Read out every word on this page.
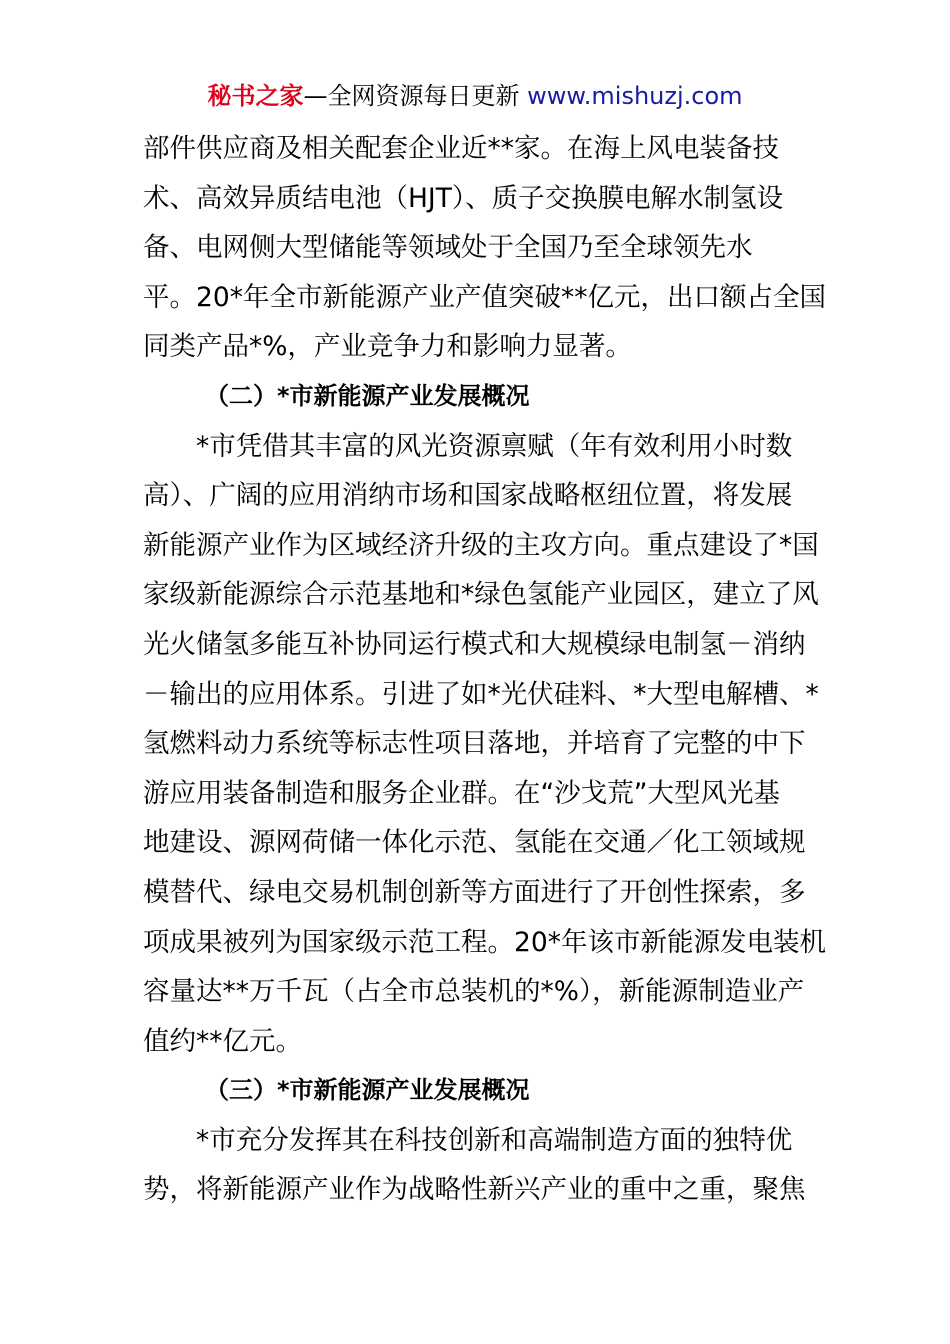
秘书之家—全网资源每日更新 www.mishuzj.com
部件供应商及相关配套企业近**家。在海上风电装备技
术、高效异质结电池（HJT）、质子交换膜电解水制氢设
备、电网侧大型储能等领域处于全国乃至全球领先水
平。20*年全市新能源产业产值突破**亿元，出口额占全国
同类产品*%，产业竞争力和影响力显著。
（二）*市新能源产业发展概况
*市凭借其丰富的风光资源禀赋（年有效利用小时数
高）、广阔的应用消纳市场和国家战略枢纽位置，将发展
新能源产业作为区域经济升级的主攻方向。重点建设了*国
家级新能源综合示范基地和*绿色氢能产业园区，建立了风
光火储氢多能互补协同运行模式和大规模绿电制氢－消纳
－输出的应用体系。引进了如*光伏硅料、*大型电解槽、*
氢燃料动力系统等标志性项目落地，并培育了完整的中下
游应用装备制造和服务企业群。在“沙戈荒”大型风光基
地建设、源网荷储一体化示范、氢能在交通／化工领域规
模替代、绿电交易机制创新等方面进行了开创性探索，多
项成果被列为国家级示范工程。20*年该市新能源发电装机
容量达**万千瓦（占全市总装机的*%），新能源制造业产
值约**亿元。
（三）*市新能源产业发展概况
*市充分发挥其在科技创新和高端制造方面的独特优
势，将新能源产业作为战略性新兴产业的重中之重，聚焦
